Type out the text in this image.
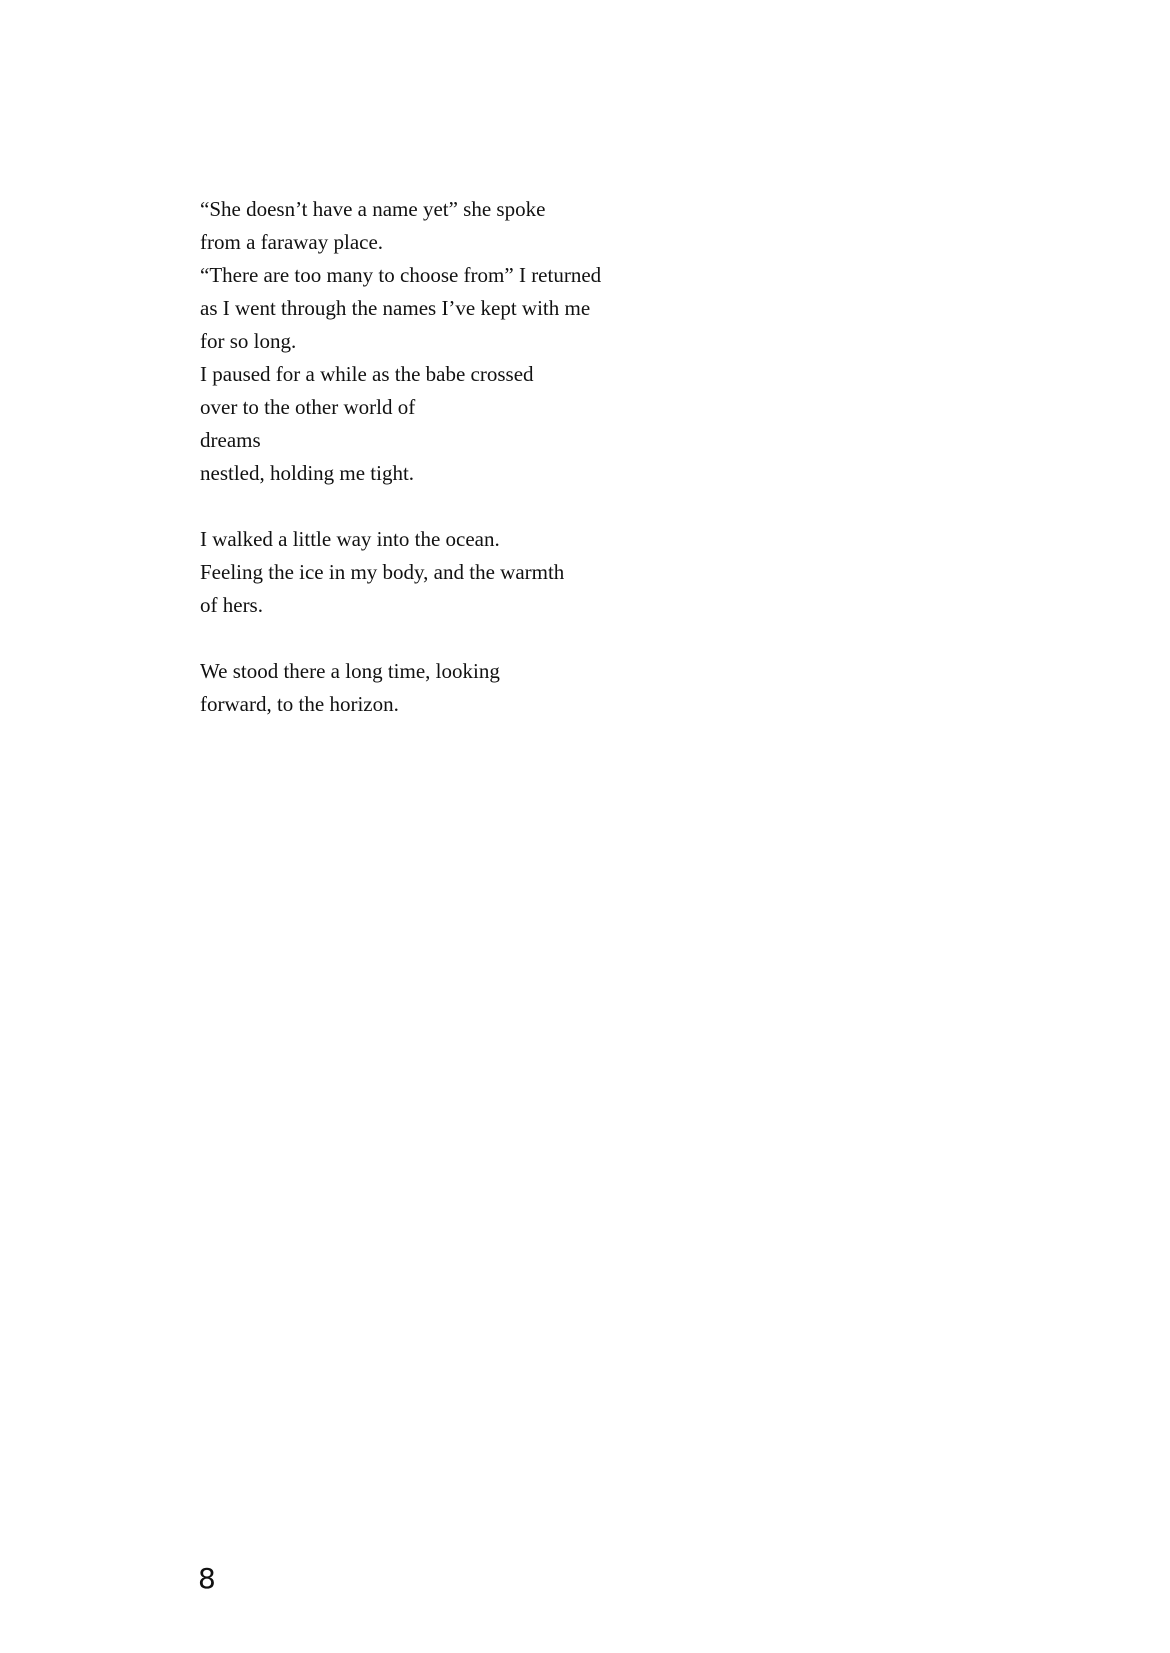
“She doesn’t have a name yet” she spoke
from a faraway place.
“There are too many to choose from” I returned
as I went through the names I’ve kept with me
for so long.
I paused for a while as the babe crossed
over to the other world of
dreams
nestled, holding me tight.
I walked a little way into the ocean.
Feeling the ice in my body, and the warmth
of hers.
We stood there a long time, looking
forward, to the horizon.
8
